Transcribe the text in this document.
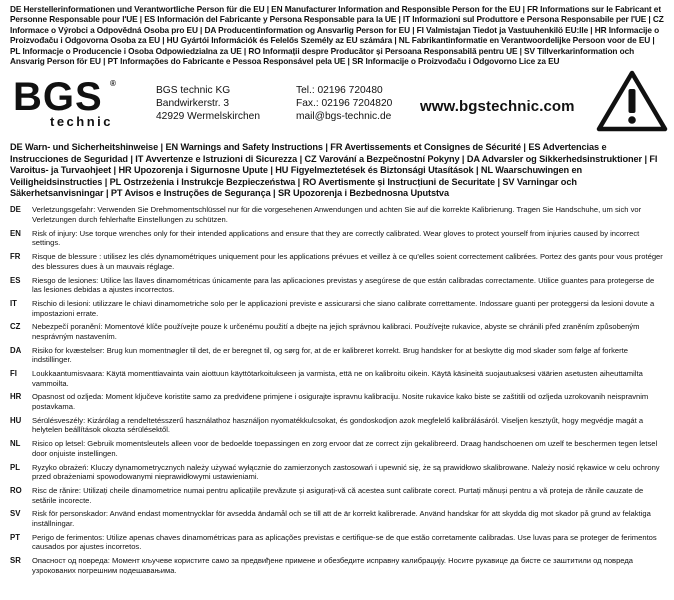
DE Herstellerinformationen und Verantwortliche Person für die EU | EN Manufacturer Information and Responsible Person for the EU | FR Informations sur le Fabricant et Personne Responsable pour l'UE | ES Información del Fabricante y Persona Responsable para la UE | IT Informazioni sul Produttore e Persona Responsabile per l'UE | CZ Informace o Výrobci a Odpovědná Osoba pro EU | DA Producentinformation og Ansvarlig Person for EU | FI Valmistajan Tiedot ja Vastuuhenkilö EU:lle | HR Informacije o Proizvođaču i Odgovorna Osoba za EU | HU Gyártói Információk és Felelős Személy az EU számára | NL Fabrikantinformatie en Verantwoordelijke Persoon voor de EU | PL Informacje o Producencie i Osoba Odpowiedzialna za UE | RO Informații despre Producător și Persoana Responsabilă pentru UE | SV Tillverkarinformation och Ansvarig Person för EU | PT Informações do Fabricante e Pessoa Responsável pela UE | SR Informacije o Proizvođaču i Odgovorno Lice za EU
BGS ®
technic
BGS technic KG
Bandwirkerstr. 3
42929 Wermelskirchen
Tel.: 02196 720480
Fax.: 02196 7204820
mail@bgs-technic.de
www.bgstechnic.com
DE Warn- und Sicherheitshinweise | EN Warnings and Safety Instructions | FR Avertissements et Consignes de Sécurité | ES Advertencias e Instrucciones de Seguridad | IT Avvertenze e Istruzioni di Sicurezza | CZ Varování a Bezpečnostní Pokyny | DA Advarsler og Sikkerhedsinstruktioner | FI Varoitus- ja Turvaohjeet | HR Upozorenja i Sigurnosne Upute | HU Figyelmeztetések és Biztonsági Utasítások | NL Waarschuwingen en Veiligheidsinstructies | PL Ostrzeżenia i Instrukcje Bezpieczeństwa | RO Avertismente și Instrucțiuni de Securitate | SV Varningar och Säkerhetsanvisningar | PT Avisos e Instruções de Segurança | SR Upozorenja i Bezbednosna Uputstva
DE	Verletzungsgefahr: Verwenden Sie Drehmomentschlüssel nur für die vorgesehenen Anwendungen und achten Sie auf die korrekte Kalibrierung. Tragen Sie Handschuhe, um sich vor Verletzungen durch fehlerhafte Einstellungen zu schützen.
EN	Risk of injury: Use torque wrenches only for their intended applications and ensure that they are correctly calibrated. Wear gloves to protect yourself from injuries caused by incorrect settings.
FR	Risque de blessure : utilisez les clés dynamométriques uniquement pour les applications prévues et veillez à ce qu'elles soient correctement calibrées. Portez des gants pour vous protéger des blessures dues à un mauvais réglage.
ES	Riesgo de lesiones: Utilice las llaves dinamométricas únicamente para las aplicaciones previstas y asegúrese de que están calibradas correctamente. Utilice guantes para protegerse de las lesiones debidas a ajustes incorrectos.
IT	Rischio di lesioni: utilizzare le chiavi dinamometriche solo per le applicazioni previste e assicurarsi che siano calibrate correttamente. Indossare guanti per proteggersi da lesioni dovute a impostazioni errate.
CZ	Nebezpečí poranění: Momentové klíče používejte pouze k určenému použití a dbejte na jejich správnou kalibraci. Používejte rukavice, abyste se chránili před zraněním způsobeným nesprávným nastavením.
DA	Risiko for kvæstelser: Brug kun momentnøgler til det, de er beregnet til, og sørg for, at de er kalibreret korrekt. Brug handsker for at beskytte dig mod skader som følge af forkerte indstillinger.
FI	Loukkaantumisvaara: Käytä momenttiavainta vain aiottuun käyttötarkoitukseen ja varmista, että ne on kalibroitu oikein. Käytä käsineitä suojautuaksesi väärien asetusten aiheuttamilta vammoilta.
HR	Opasnost od ozljeda: Moment ključeve koristite samo za predviđene primjene i osigurajte ispravnu kalibraciju. Nosite rukavice kako biste se zaštitili od ozljeda uzrokovanih neispravnim postavkama.
HU	Sérülésveszély: Kizárólag a rendeltetésszerű használathoz használjon nyomatékkulcsokat, és gondoskodjon azok megfelelő kalibrálásáról. Viseljen kesztyűt, hogy megvédje magát a helytelen beállítások okozta sérülésektől.
NL	Risico op letsel: Gebruik momentsleutels alleen voor de bedoelde toepassingen en zorg ervoor dat ze correct zijn gekalibreerd. Draag handschoenen om uzelf te beschermen tegen letsel door onjuiste instellingen.
PL	Ryzyko obrażeń: Kluczy dynamometrycznych należy używać wyłącznie do zamierzonych zastosowań i upewnić się, że są prawidłowo skalibrowane. Należy nosić rękawice w celu ochrony przed obrażeniami spowodowanymi nieprawidłowymi ustawieniami.
RO	Risc de rănire: Utilizați cheile dinamometrice numai pentru aplicațiile prevăzute și asigurați-vă că acestea sunt calibrate corect. Purtați mănuși pentru a vă proteja de rănile cauzate de setările incorecte.
SV	Risk för personskador: Använd endast momentnycklar för avsedda ändamål och se till att de är korrekt kalibrerade. Använd handskar för att skydda dig mot skador på grund av felaktiga inställningar.
PT	Perigo de ferimentos: Utilize apenas chaves dinamométricas para as aplicações previstas e certifique-se de que estão corretamente calibradas. Use luvas para se proteger de ferimentos causados por ajustes incorretos.
SR	Опасност од повреда: Момент кључеве користите само за предвиђене примене и обезбедите исправну калибрацију. Носите рукавице да бисте се заштитили од повреда узрокованих погрешним подешавањима.
